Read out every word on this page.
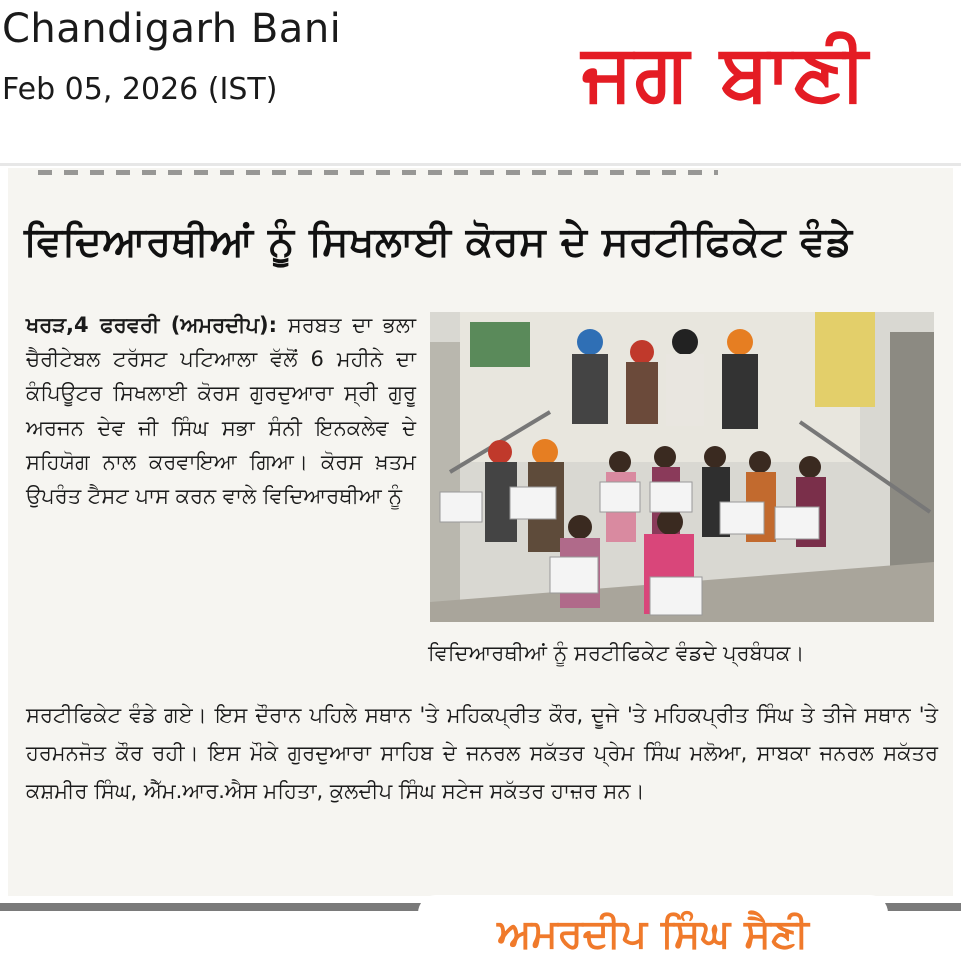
Chandigarh Bani
Feb 05, 2026 (IST)	ਜਗ ਬਾਣੀ
ਵਿਦਿਆਰਥੀਆਂ ਨੂੰ ਸਿਖਲਾਈ ਕੋਰਸ ਦੇ ਸਰਟੀਫਿਕੇਟ ਵੰਡੇ

ਖਰੜ,4 ਫਰਵਰੀ (ਅਮਰਦੀਪ): ਸਰਬਤ ਦਾ ਭਲਾ ਚੈਰੀਟੇਬਲ ਟਰੱਸਟ ਪਟਿਆਲਾ ਵੱਲੋਂ 6 ਮਹੀਨੇ ਦਾ ਕੰਪਿਊਟਰ ਸਿਖਲਾਈ ਕੋਰਸ ਗੁਰਦੁਆਰਾ ਸ੍ਰੀ ਗੁਰੂ ਅਰਜਨ ਦੇਵ ਜੀ ਸਿੰਘ ਸਭਾ ਸੰਨੀ ਇਨਕਲੇਵ ਦੇ ਸਹਿਯੋਗ ਨਾਲ ਕਰਵਾਇਆ ਗਿਆ। ਕੋਰਸ ਖ਼ਤਮ ਉਪਰੰਤ ਟੈਸਟ ਪਾਸ ਕਰਨ ਵਾਲੇ ਵਿਦਿਆਰਥੀਆ ਨੂੰ

ਵਿਦਿਆਰਥੀਆਂ ਨੂੰ ਸਰਟੀਫਿਕੇਟ ਵੰਡਦੇ ਪ੍ਰਬੰਧਕ।

ਸਰਟੀਫਿਕੇਟ ਵੰਡੇ ਗਏ। ਇਸ ਦੌਰਾਨ ਪਹਿਲੇ ਸਥਾਨ 'ਤੇ ਮਹਿਕਪ੍ਰੀਤ ਕੌਰ, ਦੂਜੇ 'ਤੇ ਮਹਿਕਪ੍ਰੀਤ ਸਿੰਘ ਤੇ ਤੀਜੇ ਸਥਾਨ 'ਤੇ ਹਰਮਨਜੋਤ ਕੌਰ ਰਹੀ। ਇਸ ਮੌਕੇ ਗੁਰਦੁਆਰਾ ਸਾਹਿਬ ਦੇ ਜਨਰਲ ਸਕੱਤਰ ਪ੍ਰੇਮ ਸਿੰਘ ਮਲੋਆ, ਸਾਬਕਾ ਜਨਰਲ ਸਕੱਤਰ ਕਸ਼ਮੀਰ ਸਿੰਘ, ਐੱਮ.ਆਰ.ਐਸ ਮਹਿਤਾ, ਕੁਲਦੀਪ ਸਿੰਘ ਸਟੇਜ ਸਕੱਤਰ ਹਾਜ਼ਰ ਸਨ।

ਅਮਰਦੀਪ ਸਿੰਘ ਸੈਣੀ
